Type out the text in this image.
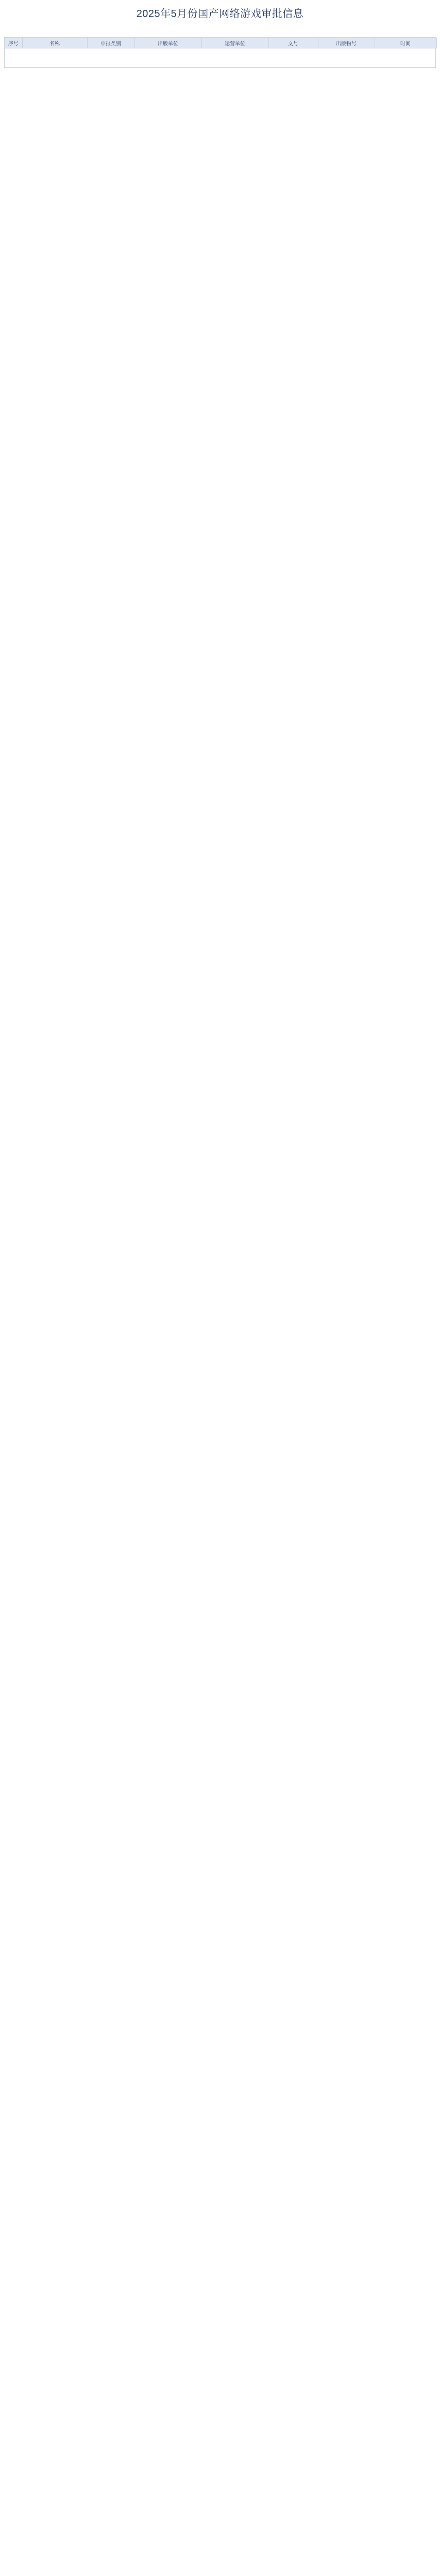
2025年5月份国产网络游戏审批信息
序号	名称	申报类别	出版单位	运营单位	文号	出版物号	时间
